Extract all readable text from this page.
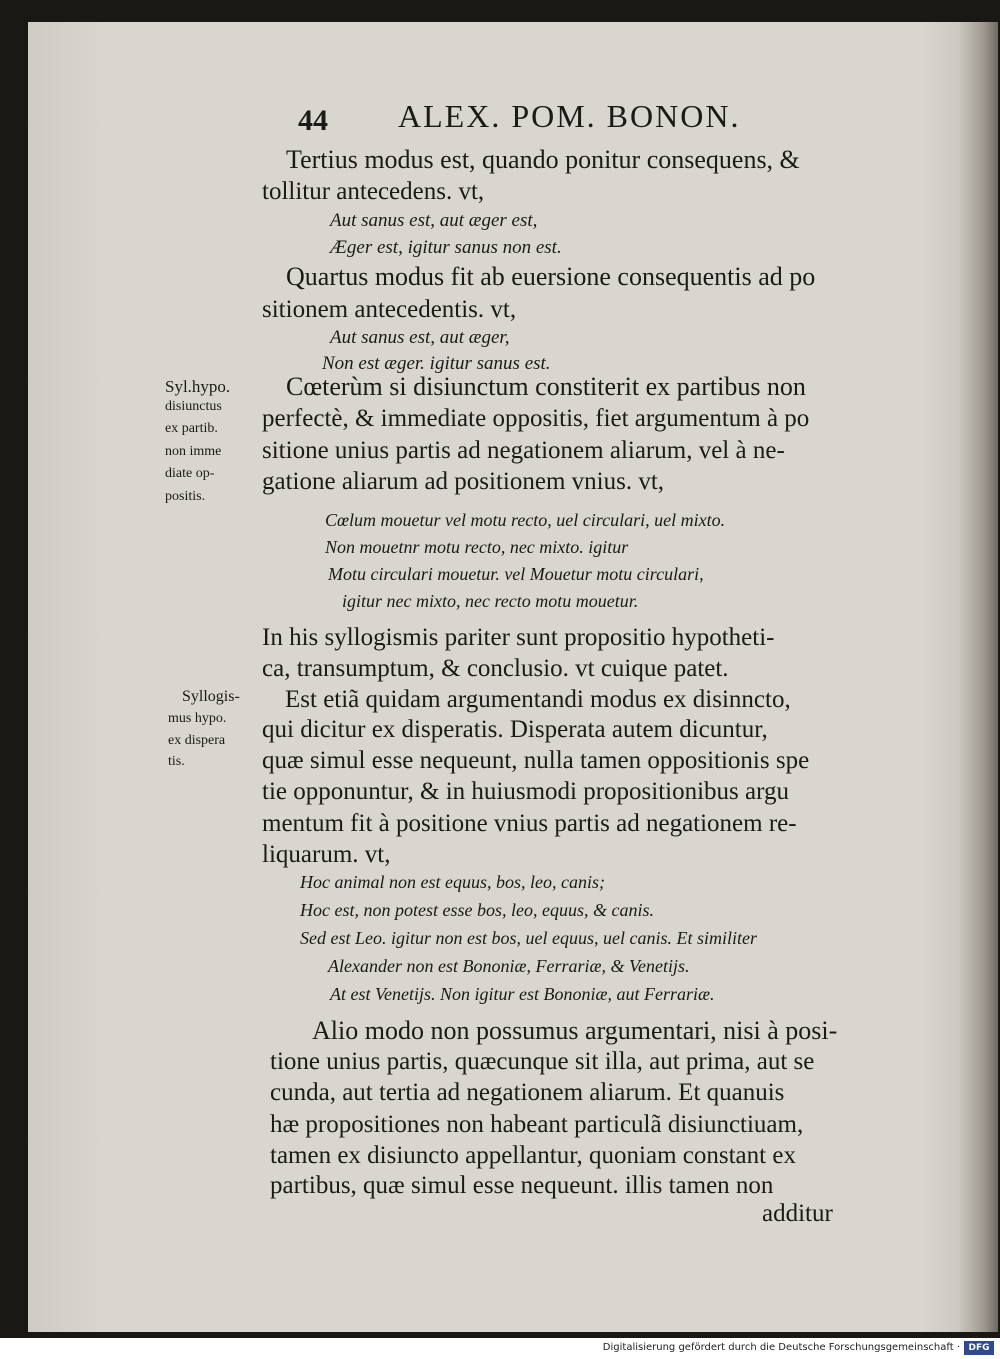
44 ALEX. POM. BONON.
Syl.hypo.
disiunctus
ex partib.
non imme
diate op-
positis.
Syllogis-
mus hypo.
ex dispera
tis.
Tertius modus est, quando ponitur consequens, &
tollitur antecedens. vt,
Aut sanus est, aut æger est,
Æger est, igitur sanus non est.
Quartus modus fit ab euersione consequentis ad po
sitionem antecedentis. vt,
Aut sanus est, aut æger,
Non est æger. igitur sanus est.
Cœterùm si disiunctum constiterit ex partibus non
perfectè, & immediate oppositis, fiet argumentum à po
sitione unius partis ad negationem aliarum, vel à ne-
gatione aliarum ad positionem vnius. vt,
Cœlum mouetur vel motu recto, uel circulari, uel mixto.
Non mouetnr motu recto, nec mixto. igitur
Motu circulari mouetur. vel Mouetur motu circulari,
igitur nec mixto, nec recto motu mouetur.
In his syllogismis pariter sunt propositio hypotheti-
ca, transumptum, & conclusio. vt cuique patet.
Est etiã quidam argumentandi modus ex disinncto,
qui dicitur ex disperatis. Disperata autem dicuntur,
quæ simul esse nequeunt, nulla tamen oppositionis spe
tie opponuntur, & in huiusmodi propositionibus argu
mentum fit à positione vnius partis ad negationem re-
liquarum. vt,
Hoc animal non est equus, bos, leo, canis;
Hoc est, non potest esse bos, leo, equus, & canis.
Sed est Leo. igitur non est bos, uel equus, uel canis. Et similiter
Alexander non est Bononiæ, Ferrariæ, & Venetijs.
At est Venetijs. Non igitur est Bononiæ, aut Ferrariæ.
Alio modo non possumus argumentari, nisi à posi-
tione unius partis, quæcunque sit illa, aut prima, aut se
cunda, aut tertia ad negationem aliarum. Et quanuis
hæ propositiones non habeant particulã disiunctiuam,
tamen ex disiuncto appellantur, quoniam constant ex
partibus, quæ simul esse nequeunt. illis tamen non
additur
Digitalisierung gefördert durch die Deutsche Forschungsgemeinschaft · DFG
